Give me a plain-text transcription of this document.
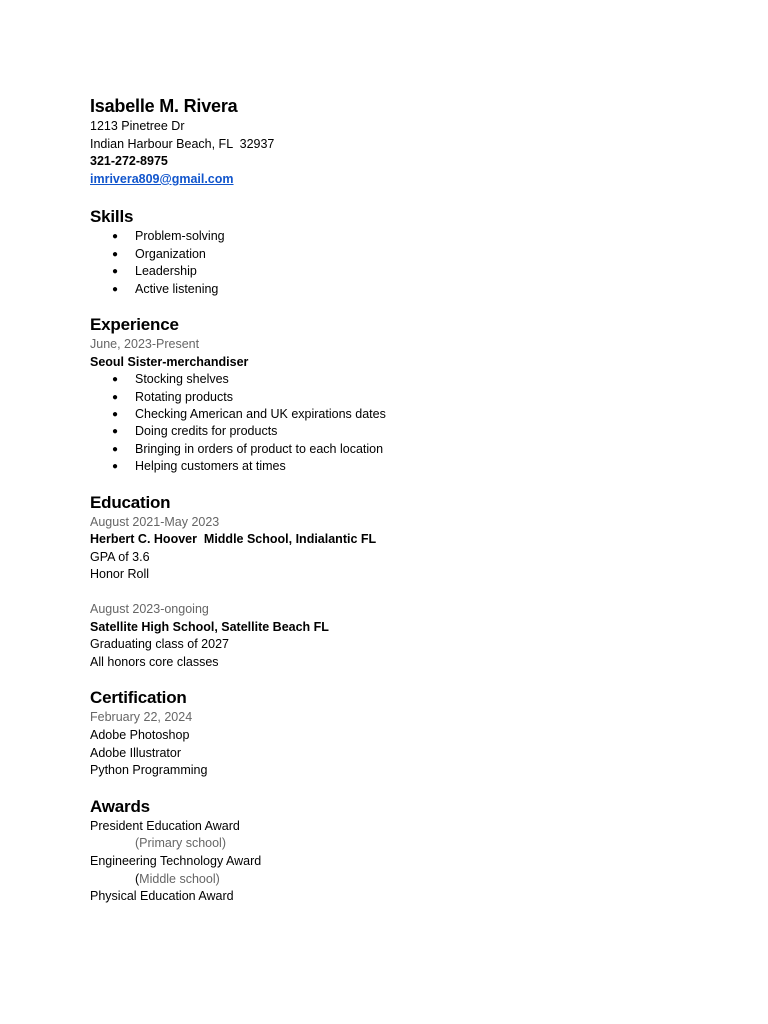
Isabelle M. Rivera

1213 Pinetree Dr

Indian Harbour Beach, FL  32937

321-272-8975

imrivera809@gmail.com

Skills
● Problem-solving
● Organization
● Leadership
● Active listening
Experience

June, 2023-Present

Seoul Sister-merchandiser

● Stocking shelves
● Rotating products
● Checking American and UK expirations dates
● Doing credits for products
● Bringing in orders of product to each location
● Helping customers at times
Education

August 2021-May 2023

Herbert C. Hoover  Middle School, Indialantic FL

GPA of 3.6

Honor Roll

August 2023-ongoing

Satellite High School, Satellite Beach FL

Graduating class of 2027

All honors core classes

Certification

February 22, 2024

Adobe Photoshop

Adobe Illustrator

Python Programming

Awards

President Education Award

(Primary school)

Engineering Technology Award

(Middle school)

Physical Education Award
